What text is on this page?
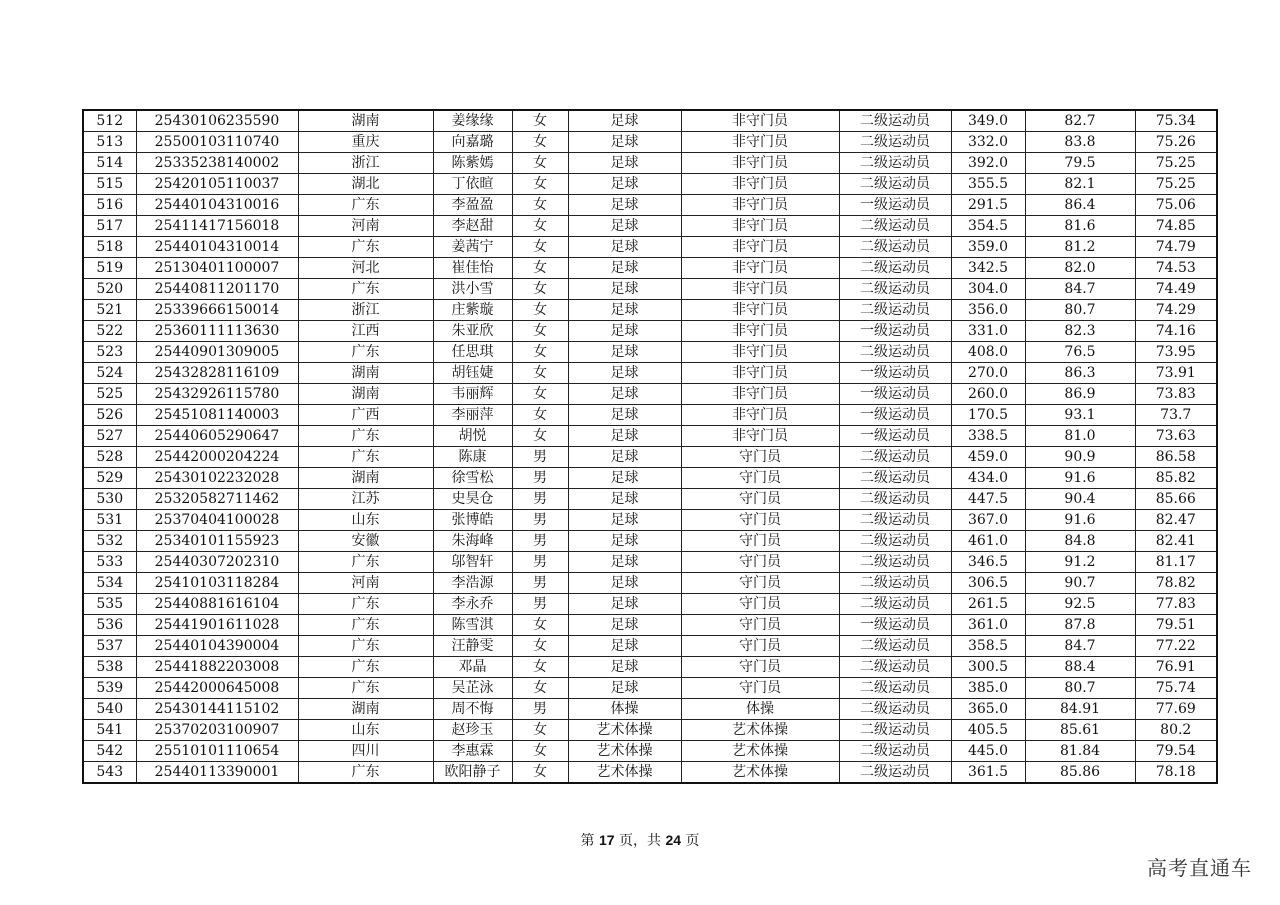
512	25430106235590	湖南	姜缘缘	女	足球	非守门员	二级运动员	349.0	82.7	75.34
513	25500103110740	重庆	向嘉璐	女	足球	非守门员	二级运动员	332.0	83.8	75.26
514	25335238140002	浙江	陈紫嫣	女	足球	非守门员	二级运动员	392.0	79.5	75.25
515	25420105110037	湖北	丁依暄	女	足球	非守门员	二级运动员	355.5	82.1	75.25
516	25440104310016	广东	李盈盈	女	足球	非守门员	一级运动员	291.5	86.4	75.06
517	25411417156018	河南	李赵甜	女	足球	非守门员	二级运动员	354.5	81.6	74.85
518	25440104310014	广东	姜茜宁	女	足球	非守门员	二级运动员	359.0	81.2	74.79
519	25130401100007	河北	崔佳怡	女	足球	非守门员	二级运动员	342.5	82.0	74.53
520	25440811201170	广东	洪小雪	女	足球	非守门员	二级运动员	304.0	84.7	74.49
521	25339666150014	浙江	庄紫璇	女	足球	非守门员	二级运动员	356.0	80.7	74.29
522	25360111113630	江西	朱亚欣	女	足球	非守门员	一级运动员	331.0	82.3	74.16
523	25440901309005	广东	任思琪	女	足球	非守门员	二级运动员	408.0	76.5	73.95
524	25432828116109	湖南	胡钰婕	女	足球	非守门员	一级运动员	270.0	86.3	73.91
525	25432926115780	湖南	韦丽辉	女	足球	非守门员	一级运动员	260.0	86.9	73.83
526	25451081140003	广西	李丽萍	女	足球	非守门员	一级运动员	170.5	93.1	73.7
527	25440605290647	广东	胡悦	女	足球	非守门员	一级运动员	338.5	81.0	73.63
528	25442000204224	广东	陈康	男	足球	守门员	二级运动员	459.0	90.9	86.58
529	25430102232028	湖南	徐雪松	男	足球	守门员	二级运动员	434.0	91.6	85.82
530	25320582711462	江苏	史昊仓	男	足球	守门员	二级运动员	447.5	90.4	85.66
531	25370404100028	山东	张博皓	男	足球	守门员	二级运动员	367.0	91.6	82.47
532	25340101155923	安徽	朱海峰	男	足球	守门员	二级运动员	461.0	84.8	82.41
533	25440307202310	广东	邬智轩	男	足球	守门员	二级运动员	346.5	91.2	81.17
534	25410103118284	河南	李浩源	男	足球	守门员	二级运动员	306.5	90.7	78.82
535	25440881616104	广东	李永乔	男	足球	守门员	二级运动员	261.5	92.5	77.83
536	25441901611028	广东	陈雪淇	女	足球	守门员	一级运动员	361.0	87.8	79.51
537	25440104390004	广东	汪静雯	女	足球	守门员	二级运动员	358.5	84.7	77.22
538	25441882203008	广东	邓晶	女	足球	守门员	二级运动员	300.5	88.4	76.91
539	25442000645008	广东	吴芷泳	女	足球	守门员	二级运动员	385.0	80.7	75.74
540	25430144115102	湖南	周不悔	男	体操	体操	二级运动员	365.0	84.91	77.69
541	25370203100907	山东	赵珍玉	女	艺术体操	艺术体操	二级运动员	405.5	85.61	80.2
542	25510101110654	四川	李惠霖	女	艺术体操	艺术体操	二级运动员	445.0	81.84	79.54
543	25440113390001	广东	欧阳静子	女	艺术体操	艺术体操	二级运动员	361.5	85.86	78.18
第 17 页，共 24 页
高考直通车
